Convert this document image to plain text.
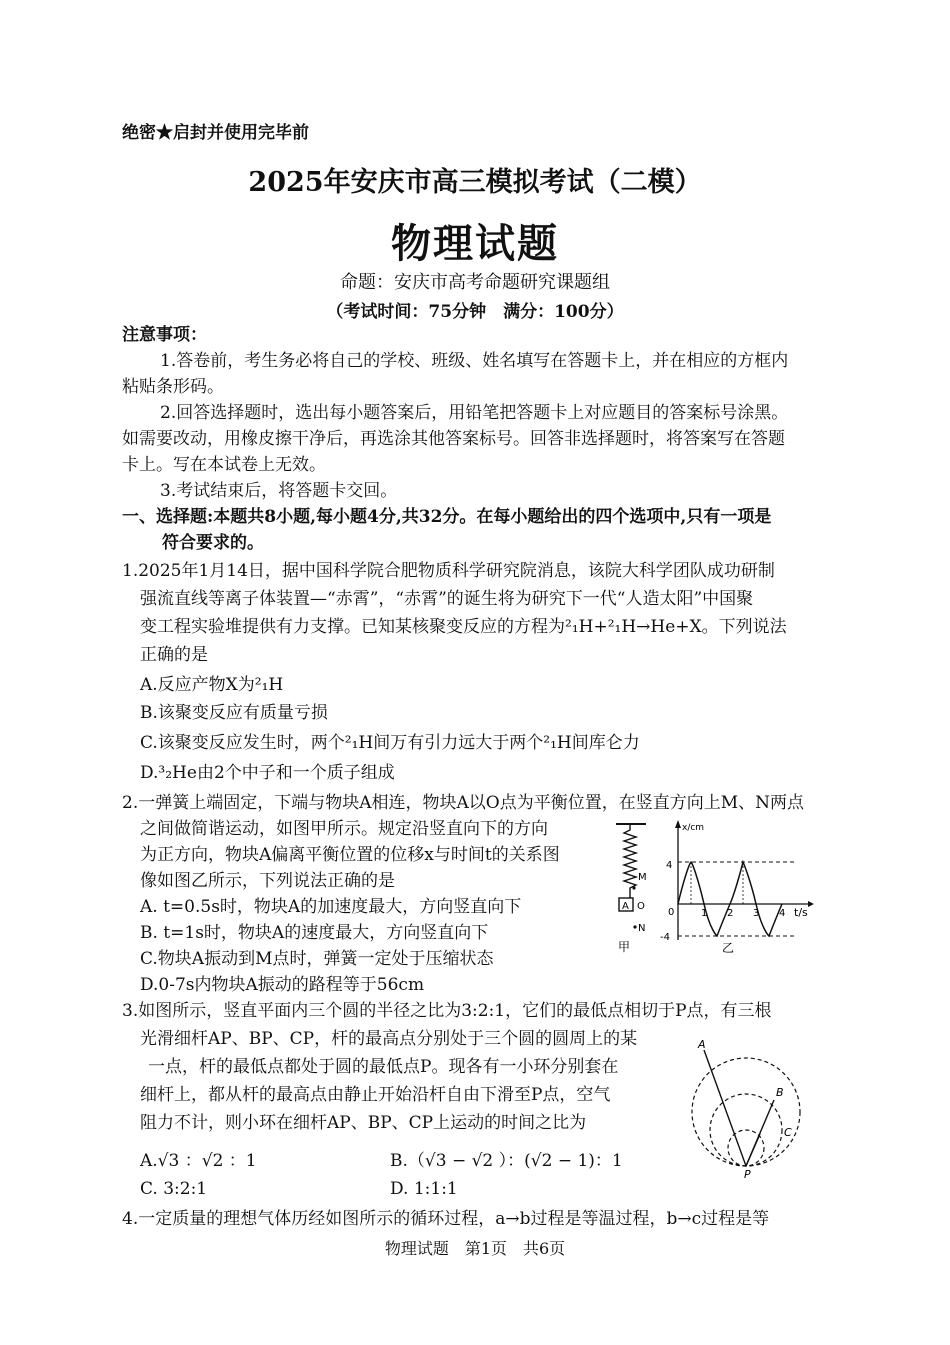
绝密★启封并使用完毕前
2025年安庆市高三模拟考试（二模）
物理试题
命题：安庆市高考命题研究课题组
（考试时间：75分钟　满分：100分）
注意事项：
1.答卷前，考生务必将自己的学校、班级、姓名填写在答题卡上，并在相应的方框内
粘贴条形码。
2.回答选择题时，选出每小题答案后，用铅笔把答题卡上对应题目的答案标号涂黑。
如需要改动，用橡皮擦干净后，再选涂其他答案标号。回答非选择题时，将答案写在答题
卡上。写在本试卷上无效。
3.考试结束后，将答题卡交回。
一、选择题:本题共8小题,每小题4分,共32分。在每小题给出的四个选项中,只有一项是
符合要求的。
1.2025年1月14日，据中国科学院合肥物质科学研究院消息，该院大科学团队成功研制
强流直线等离子体装置—“赤霄”，“赤霄”的诞生将为研究下一代“人造太阳”中国聚
变工程实验堆提供有力支撑。已知某核聚变反应的方程为²₁H+²₁H→He+X。下列说法
正确的是
A.反应产物X为²₁H
B.该聚变反应有质量亏损
C.该聚变反应发生时，两个²₁H间万有引力远大于两个²₁H间库仑力
D.³₂He由2个中子和一个质子组成
2.一弹簧上端固定，下端与物块A相连，物块A以O点为平衡位置，在竖直方向上M、N两点
之间做简谐运动，如图甲所示。规定沿竖直向下的方向
为正方向，物块A偏离平衡位置的位移x与时间t的关系图
像如图乙所示，下列说法正确的是
A. t=0.5s时，物块A的加速度最大，方向竖直向下
B. t=1s时，物块A的速度最大，方向竖直向下
C.物块A振动到M点时，弹簧一定处于压缩状态
D.0-7s内物块A振动的路程等于56cm
M
A O
N
甲
x/cm
t/s
4
-4
0	1 2 3 4
乙
3.如图所示，竖直平面内三个圆的半径之比为3:2:1，它们的最低点相切于P点，有三根
光滑细杆AP、BP、CP，杆的最高点分别处于三个圆的圆周上的某
一点，杆的最低点都处于圆的最低点P。现各有一小环分别套在
细杆上，都从杆的最高点由静止开始沿杆自由下滑至P点，空气
阻力不计，则小环在细杆AP、BP、CP上运动的时间之比为
A.√3 ：√2 ：1	B.（√3 − √2 ）：(√2 − 1)：1
C. 3:2:1	D. 1:1:1
A
B
C
P
4.一定质量的理想气体历经如图所示的循环过程，a→b过程是等温过程，b→c过程是等
物理试题　第1页　共6页
